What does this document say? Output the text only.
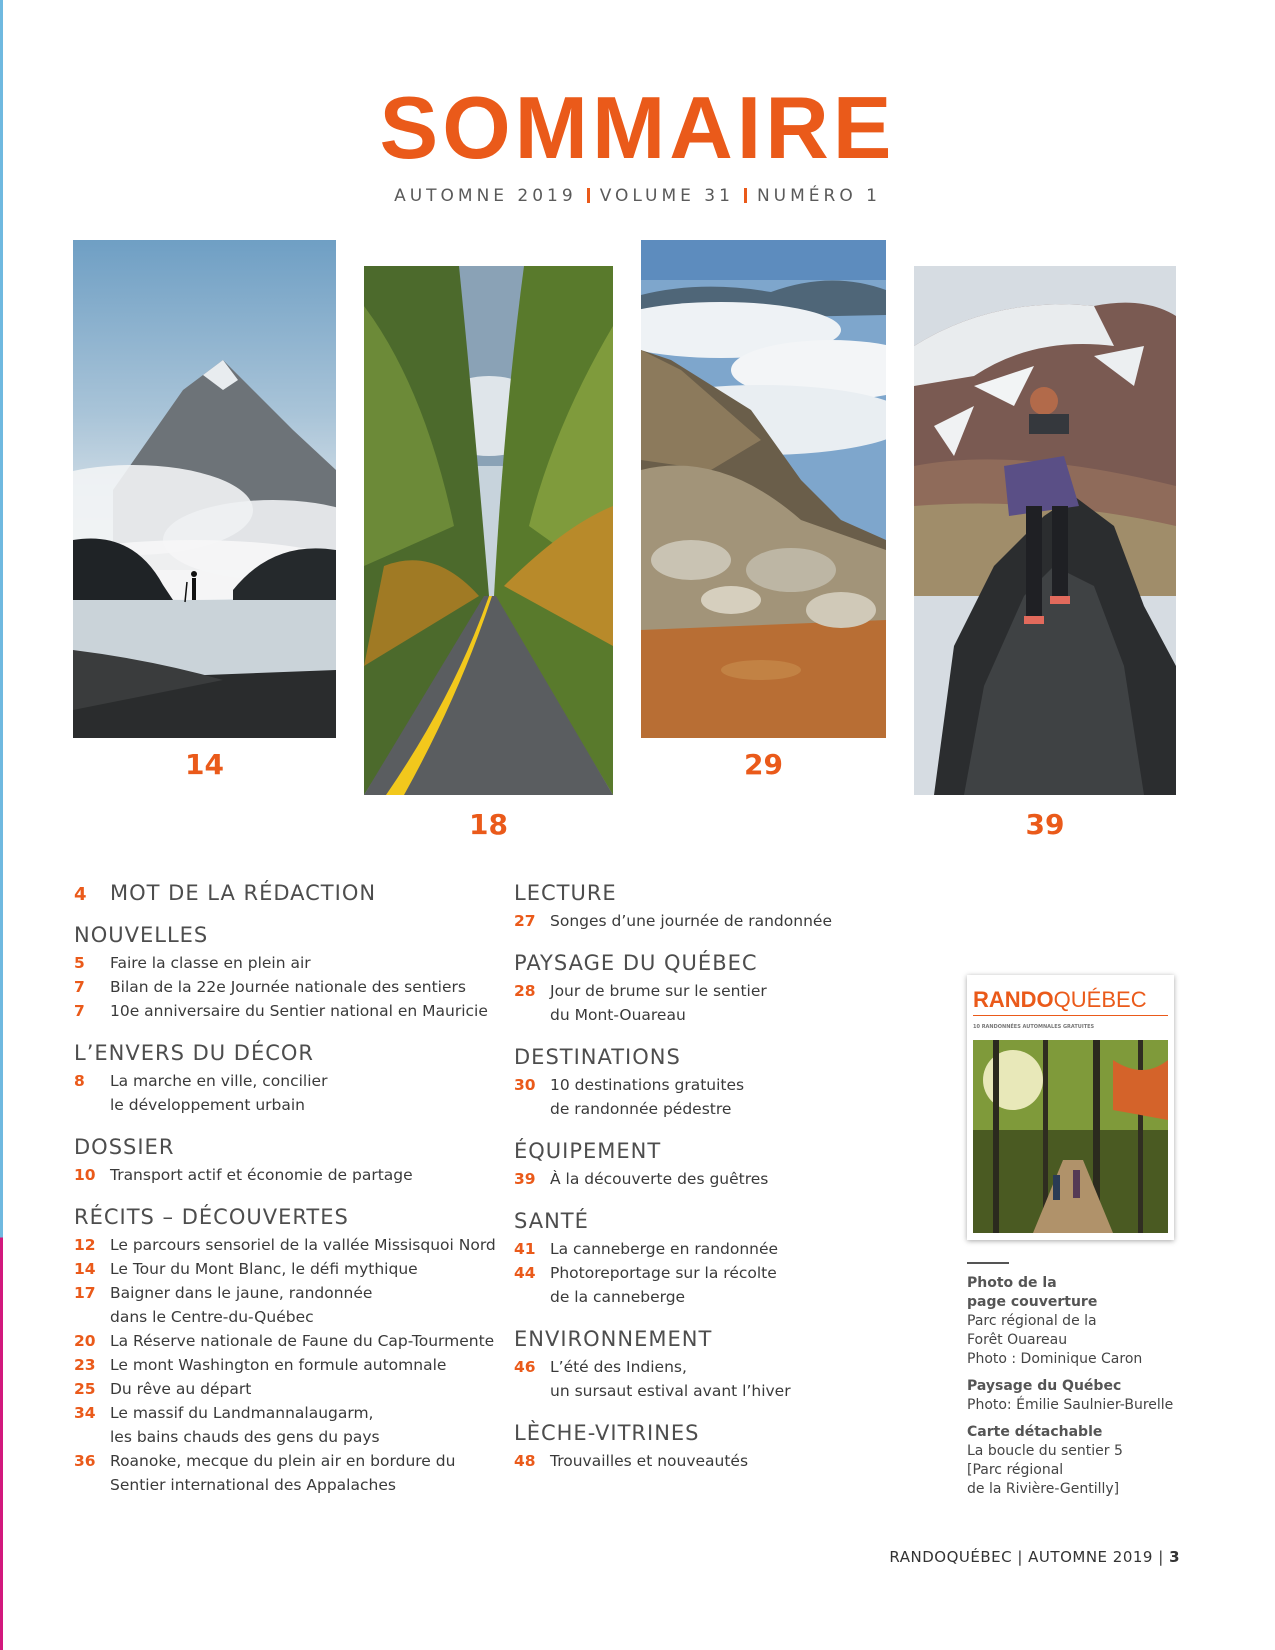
SOMMAIRE
AUTOMNE 2019 VOLUME 31 NUMÉRO 1
14
18
29
39
4 MOT DE LA RÉDACTION
NOUVELLES
5	Faire la classe en plein air
7	Bilan de la 22e Journée nationale des sentiers
7	10e anniversaire du Sentier national en Mauricie
L’ENVERS DU DÉCOR
8	La marche en ville, concilier
le développement urbain
DOSSIER
10 Transport actif et économie de partage
RÉCITS – DÉCOUVERTES
12 Le parcours sensoriel de la vallée Missisquoi Nord
14 Le Tour du Mont Blanc, le défi mythique
17 Baigner dans le jaune, randonnée
dans le Centre-du-Québec
20 La Réserve nationale de Faune du Cap-Tourmente
23 Le mont Washington en formule automnale
25 Du rêve au départ
34 Le massif du Landmannalaugarm,
les bains chauds des gens du pays
36 Roanoke, mecque du plein air en bordure du
Sentier international des Appalaches
LECTURE
27 Songes d’une journée de randonnée
PAYSAGE DU QUÉBEC
28 Jour de brume sur le sentier
du Mont-Ouareau
DESTINATIONS
30 10 destinations gratuites
de randonnée pédestre
ÉQUIPEMENT
39 À la découverte des guêtres
SANTÉ
41 La canneberge en randonnée
44 Photoreportage sur la récolte
de la canneberge
ENVIRONNEMENT
46 L’été des Indiens,
un sursaut estival avant l’hiver
LÈCHE-VITRINES
48 Trouvailles et nouveautés
RANDOQUÉBEC
10 RANDONNÉES AUTOMNALES GRATUITES
Photo de la
page couverture
Parc régional de la
Forêt Ouareau
Photo : Dominique Caron
Paysage du Québec
Photo: Émilie Saulnier-Burelle
Carte détachable
La boucle du sentier 5
[Parc régional
de la Rivière-Gentilly]
RANDOQUÉBEC | AUTOMNE 2019 | 3
